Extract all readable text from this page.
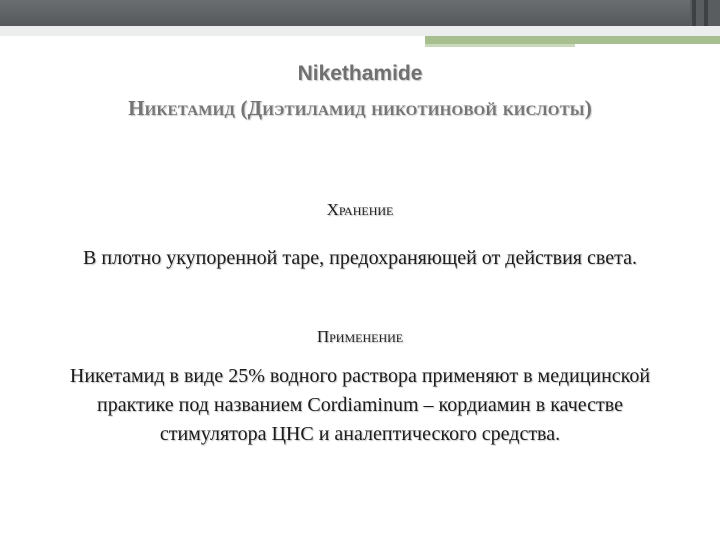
Nikethamide
Никетамид (Диэтиламид никотиновой кислоты)
Хранение
В плотно укупоренной таре, предохраняющей от действия света.
Применение
Никетамид в виде 25% водного раствора применяют в медицинской
практике под названием Cordiaminum – кордиамин в качестве
стимулятора ЦНС и аналептического средства.
